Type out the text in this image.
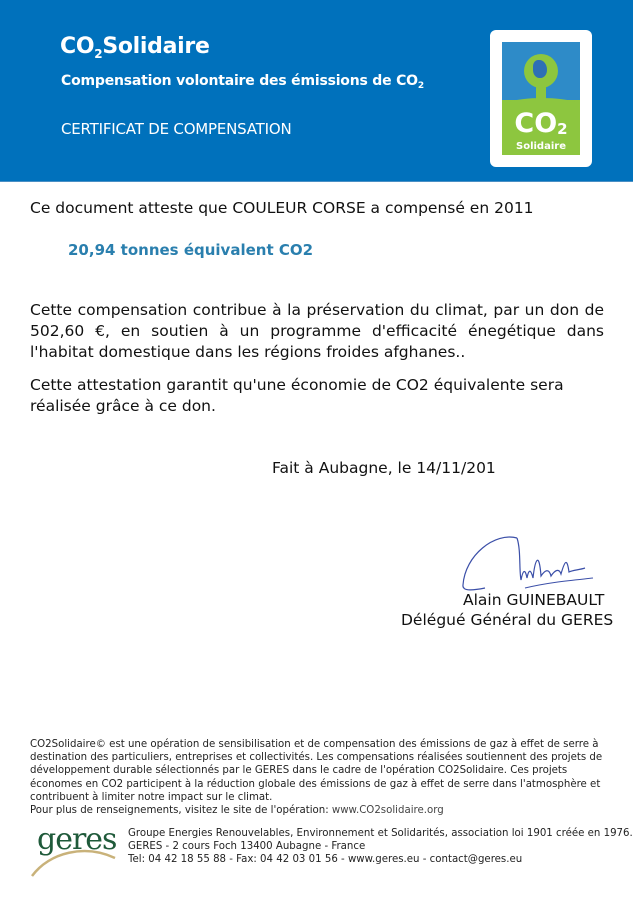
$CO_2Solidaire$
Compensation volontaire des émissions de $CO_2$
CERTIFICAT DE COMPENSATION	$CO_2$
Solidaire
Ce document atteste que COULEUR CORSE a compensé en 2011
20,94 tonnes équivalent CO2
Cette compensation contribue à la préservation du climat, par un don de 502,60 €, en soutien à un programme d'efficacité énegétique dans l'habitat domestique dans les régions froides afghanes..
Cette attestation garantit qu'une économie de CO2 équivalente sera
réalisée grâce à ce don.
Fait à Aubagne, le 14/11/201
Alain GUINEBAULT
Délégué Général du GERES
CO2Solidaire© est une opération de sensibilisation et de compensation des émissions de gaz à effet de serre à destination des particuliers, entreprises et collectivités. Les compensations réalisées soutiennent des projets de développement durable sélectionnés par le GERES dans le cadre de l'opération CO2Solidaire. Ces projets économes en CO2 participent à la réduction globale des émissions de gaz à effet de serre dans l'atmosphère et contribuent à limiter notre impact sur le climat.
Pour plus de renseignements, visitez le site de l'opération: www.CO2solidaire.org
geres Groupe Energies Renouvelables, Environnement et Solidarités, association loi 1901 créée en 1976.
GERES - 2 cours Foch 13400 Aubagne - France
Tel: 04 42 18 55 88 - Fax: 04 42 03 01 56 - www.geres.eu - contact@geres.eu
